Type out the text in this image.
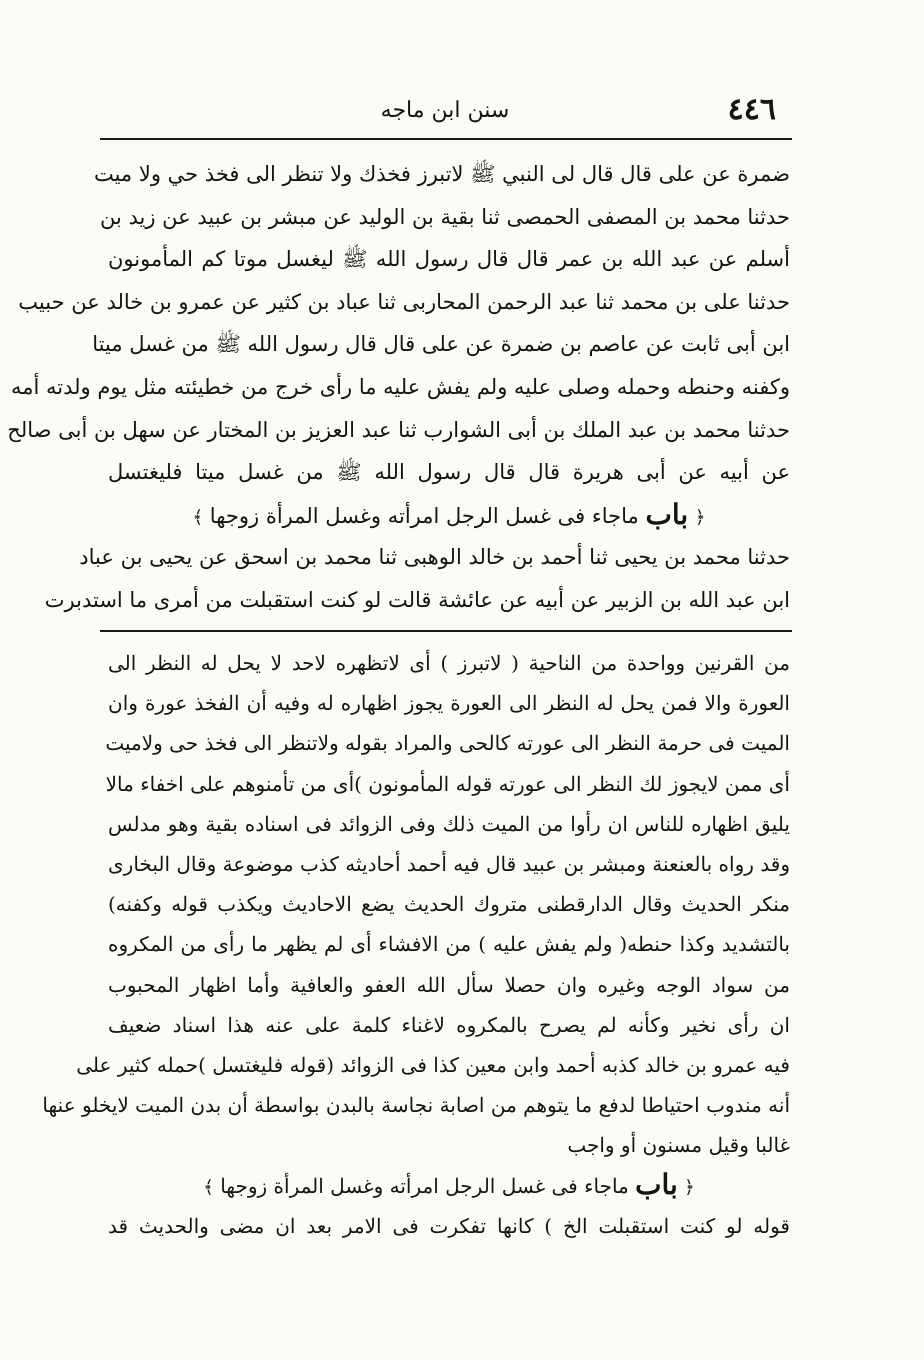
سنن ابن ماجه	٤٤٦
ضمرة عن على قال قال لى النبي ﷺ لاتبرز فخذك ولا تنظر الى فخذ حي ولا ميت
حدثنا محمد بن المصفى الحمصى ثنا بقية بن الوليد عن مبشر بن عبيد عن زيد بن
أسلم عن عبد الله بن عمر قال قال رسول الله ﷺ ليغسل موتا كم المأمونون
حدثنا على بن محمد ثنا عبد الرحمن المحاربى ثنا عباد بن كثير عن عمرو بن خالد عن حبيب
ابن أبى ثابت عن عاصم بن ضمرة عن على قال قال رسول الله ﷺ من غسل ميتا
وكفنه وحنطه وحمله وصلى عليه ولم يفش عليه ما رأى خرج من خطيئته مثل يوم ولدته أمه
حدثنا محمد بن عبد الملك بن أبى الشوارب ثنا عبد العزيز بن المختار عن سهل بن أبى صالح
عن أبيه عن أبى هريرة قال قال رسول الله ﷺ من غسل ميتا فليغتسل
﴿ باب ماجاء فى غسل الرجل امرأته وغسل المرأة زوجها ﴾
حدثنا محمد بن يحيى ثنا أحمد بن خالد الوهبى ثنا محمد بن اسحق عن يحيى بن عباد
ابن عبد الله بن الزبير عن أبيه عن عائشة قالت لو كنت استقبلت من أمرى ما استدبرت
من القرنين وواحدة من الناحية ( لاتبرز ) أى لاتظهره لاحد لا يحل له النظر الى
العورة والا فمن يحل له النظر الى العورة يجوز اظهاره له وفيه أن الفخذ عورة وان
الميت فى حرمة النظر الى عورته كالحى والمراد بقوله ولاتنظر الى فخذ حى ولاميت
أى ممن لايجوز لك النظر الى عورته قوله المأمونون )أى من تأمنوهم على اخفاء مالا
يليق اظهاره للناس ان رأوا من الميت ذلك وفى الزوائد فى اسناده بقية وهو مدلس
وقد رواه بالعنعنة ومبشر بن عبيد قال فيه أحمد أحاديثه كذب موضوعة وقال البخارى
منكر الحديث وقال الدارقطنى متروك الحديث يضع الاحاديث ويكذب قوله وكفنه)
بالتشديد وكذا حنطه( ولم يفش عليه ) من الافشاء أى لم يظهر ما رأى من المكروه
من سواد الوجه وغيره وان حصلا سأل الله العفو والعافية وأما اظهار المحبوب
ان رأى نخير وكأنه لم يصرح بالمكروه لاغناء كلمة على عنه هذا اسناد ضعيف
فيه عمرو بن خالد كذبه أحمد وابن معين كذا فى الزوائد (قوله فليغتسل )حمله كثير على
أنه مندوب احتياطا لدفع ما يتوهم من اصابة نجاسة بالبدن بواسطة أن بدن الميت لايخلو عنها
غالبا وقيل مسنون أو واجب
﴿ باب ماجاء فى غسل الرجل امرأته وغسل المرأة زوجها ﴾
قوله لو كنت استقبلت الخ ) كانها تفكرت فى الامر بعد ان مضى والحديث قد
